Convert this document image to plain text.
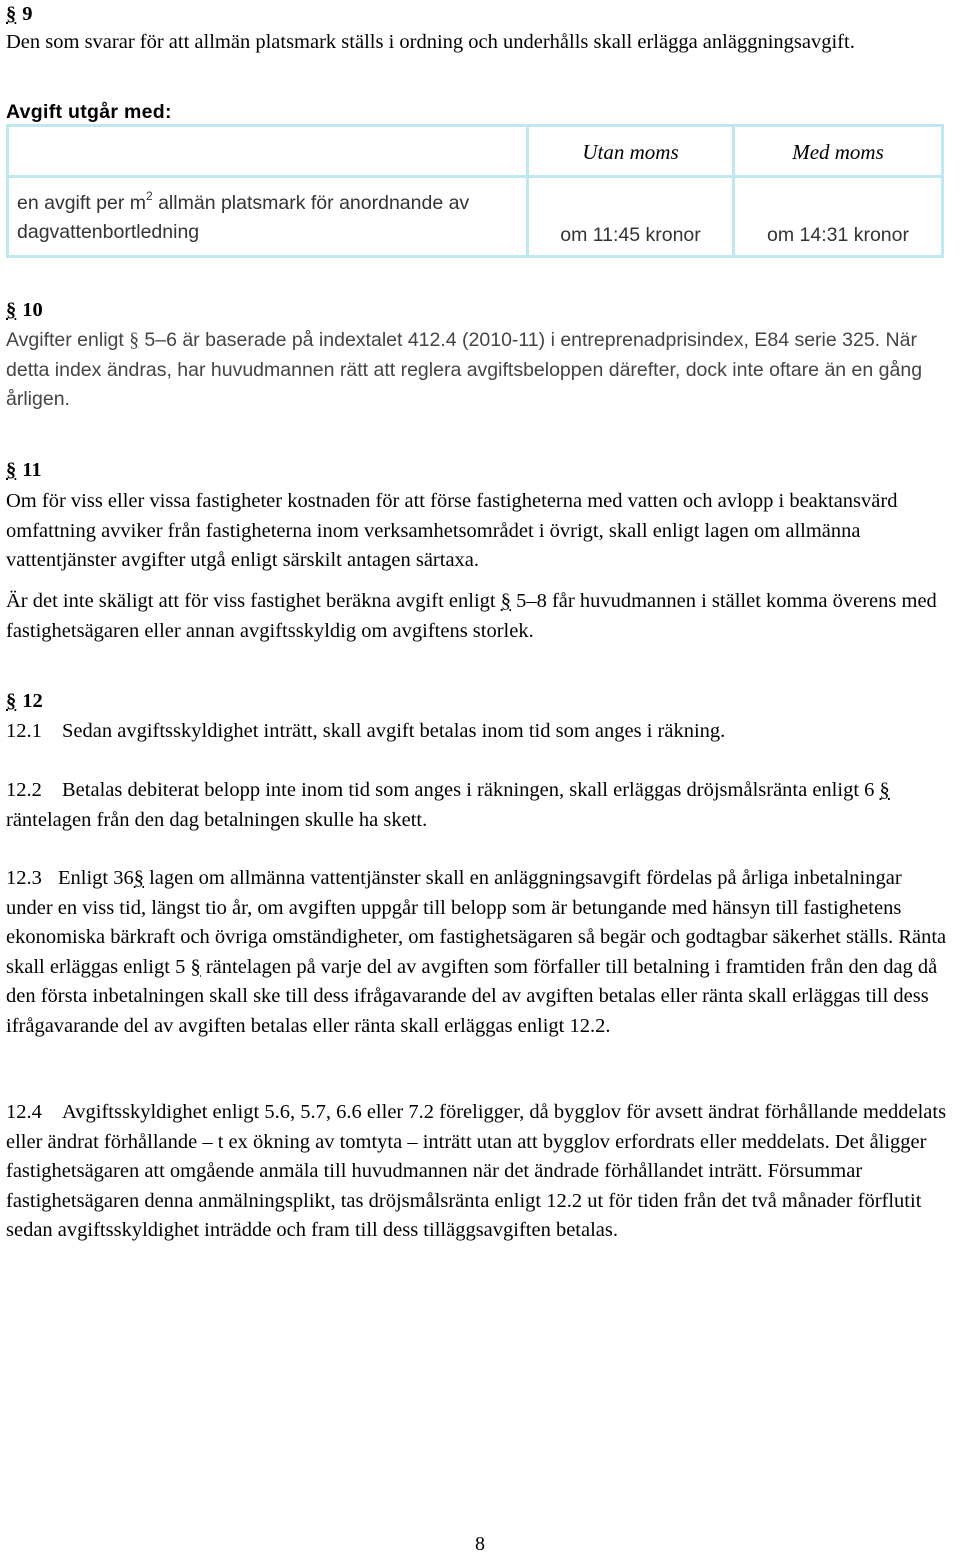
§ 9

Den som svarar för att allmän platsmark ställs i ordning och underhålls skall erlägga anläggningsavgift.

Avgift utgår med:
	Utan moms	Med moms
en avgift per $m^2$ allmän platsmark för anordnande av dagvattenbortledning	om 11:45 kronor	om 14:31 kronor
§ 10

Avgifter enligt § 5–6 är baserade på indextalet 412.4 (2010-11) i entreprenadprisindex, E84 serie 325. När detta index ändras, har huvudmannen rätt att reglera avgiftsbeloppen därefter, dock inte oftare än en gång årligen.

§ 11

Om för viss eller vissa fastigheter kostnaden för att förse fastigheterna med vatten och avlopp i beaktansvärd omfattning avviker från fastigheterna inom verksamhetsområdet i övrigt, skall enligt lagen om allmänna vattentjänster avgifter utgå enligt särskilt antagen särtaxa.

Är det inte skäligt att för viss fastighet beräkna avgift enligt § 5–8 får huvudmannen i stället komma överens med fastighetsägaren eller annan avgiftsskyldig om avgiftens storlek.

§ 12

12.1 Sedan avgiftsskyldighet inträtt, skall avgift betalas inom tid som anges i räkning.

12.2 Betalas debiterat belopp inte inom tid som anges i räkningen, skall erläggas dröjsmålsränta enligt 6 § räntelagen från den dag betalningen skulle ha skett.

12.3 Enligt 36§ lagen om allmänna vattentjänster skall en anläggningsavgift fördelas på årliga inbetalningar under en viss tid, längst tio år, om avgiften uppgår till belopp som är betungande med hänsyn till fastighetens ekonomiska bärkraft och övriga omständigheter, om fastighetsägaren så begär och godtagbar säkerhet ställs. Ränta skall erläggas enligt 5 § räntelagen på varje del av avgiften som förfaller till betalning i framtiden från den dag då den första inbetalningen skall ske till dess ifrågavarande del av avgiften betalas eller ränta skall erläggas till dess ifrågavarande del av avgiften betalas eller ränta skall erläggas enligt 12.2.

12.4 Avgiftsskyldighet enligt 5.6, 5.7, 6.6 eller 7.2 föreligger, då bygglov för avsett ändrat förhållande meddelats eller ändrat förhållande – t ex ökning av tomtyta – inträtt utan att bygglov erfordrats eller meddelats. Det åligger fastighetsägaren att omgående anmäla till huvudmannen när det ändrade förhållandet inträtt. Försummar fastighetsägaren denna anmälningsplikt, tas dröjsmålsränta enligt 12.2 ut för tiden från det två månader förflutit sedan avgiftsskyldighet inträdde och fram till dess tilläggsavgiften betalas.

8
